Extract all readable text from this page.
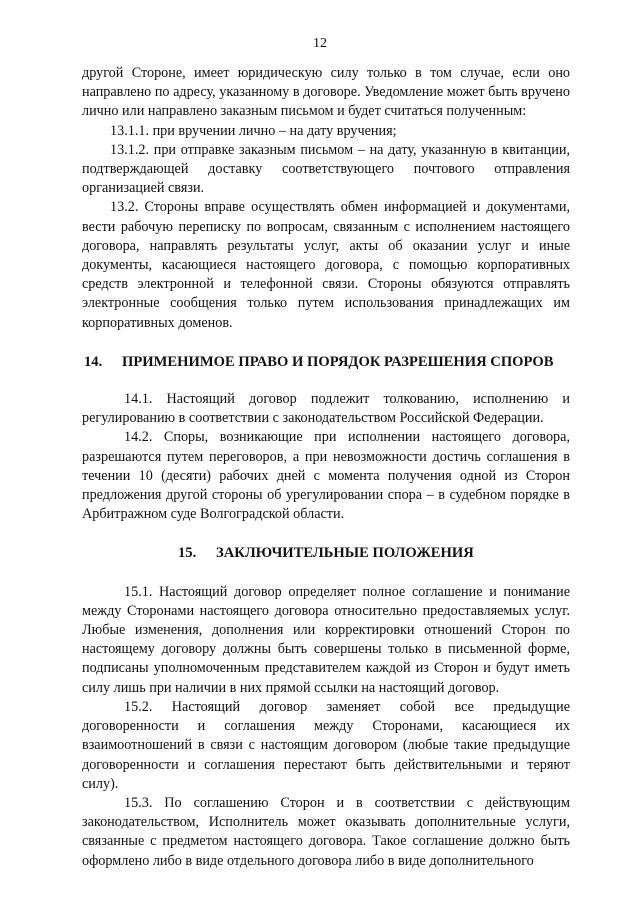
12

другой Стороне, имеет юридическую силу только в том случае, если оно направлено по адресу, указанному в договоре. Уведомление может быть вручено лично или направлено заказным письмом и будет считаться полученным:

13.1.1. при вручении лично – на дату вручения;

13.1.2. при отправке заказным письмом – на дату, указанную в квитанции, подтверждающей доставку соответствующего почтового отправления организацией связи.

13.2. Стороны вправе осуществлять обмен информацией и документами, вести рабочую переписку по вопросам, связанным с исполнением настоящего договора, направлять результаты услуг, акты об оказании услуг и иные документы, касающиеся настоящего договора, с помощью корпоративных средств электронной и телефонной связи. Стороны обязуются отправлять электронные сообщения только путем использования принадлежащих им корпоративных доменов.

14.	ПРИМЕНИМОЕ ПРАВО И ПОРЯДОК РАЗРЕШЕНИЯ СПОРОВ

14.1. Настоящий договор подлежит толкованию, исполнению и регулированию в соответствии с законодательством Российской Федерации.

14.2. Споры, возникающие при исполнении настоящего договора, разрешаются путем переговоров, а при невозможности достичь соглашения в течении 10 (десяти) рабочих дней с момента получения одной из Сторон предложения другой стороны об урегулировании спора – в судебном порядке в Арбитражном суде Волгоградской области.

15.	ЗАКЛЮЧИТЕЛЬНЫЕ ПОЛОЖЕНИЯ

15.1. Настоящий договор определяет полное соглашение и понимание между Сторонами настоящего договора относительно предоставляемых услуг. Любые изменения, дополнения или корректировки отношений Сторон по настоящему договору должны быть совершены только в письменной форме, подписаны уполномоченным представителем каждой из Сторон и будут иметь силу лишь при наличии в них прямой ссылки на настоящий договор.

15.2. Настоящий договор заменяет собой все предыдущие договоренности и соглашения между Сторонами, касающиеся их взаимоотношений в связи с настоящим договором (любые такие предыдущие договоренности и соглашения перестают быть действительными и теряют силу).

15.3. По соглашению Сторон и в соответствии с действующим законодательством, Исполнитель может оказывать дополнительные услуги, связанные с предметом настоящего договора. Такое соглашение должно быть оформлено либо в виде отдельного договора либо в виде дополнительного
